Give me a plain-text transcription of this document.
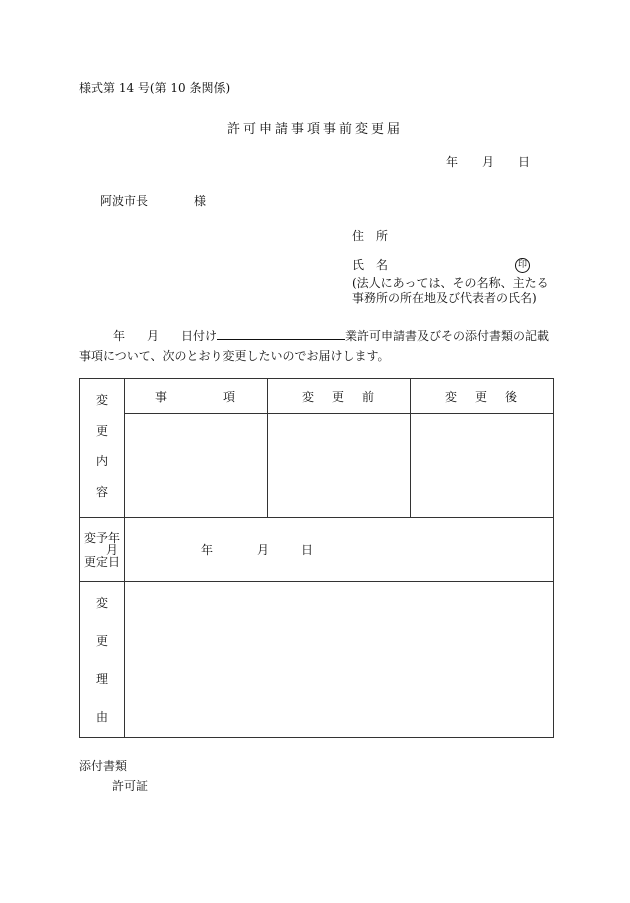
様式第 14 号(第 10 条関係)
許可申請事項事前変更届
年 月 日
阿波市長	様
住　所
氏　名	印
(法人にあっては、その名称、主たる
事務所の所在地及び代表者の氏名)
年 月 日付け	業許可申請書及びその添付書類の記載
事項について、次のとおり変更したいのでお届けします。
変
更
内
容	事 項	変 更 前	変 更 後

変予年
月
更定日	年 月 日		

変
更
理
由			

添付書類
許可証
